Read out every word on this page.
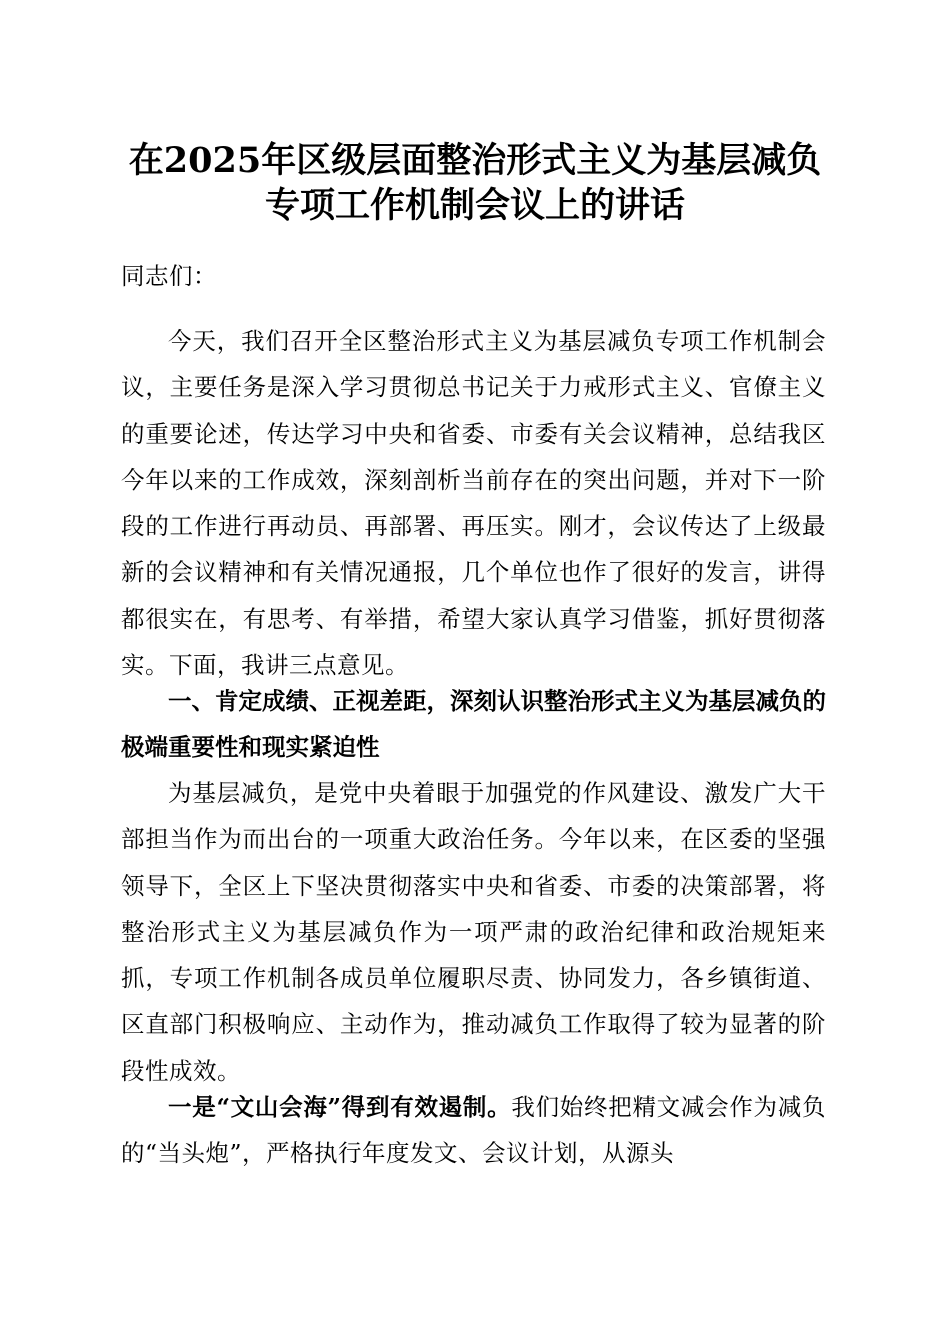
在2025年区级层面整治形式主义为基层减负
专项工作机制会议上的讲话
同志们：
今天，我们召开全区整治形式主义为基层减负专项工作机制会议，主要任务是深入学习贯彻总书记关于力戒形式主义、官僚主义的重要论述，传达学习中央和省委、市委有关会议精神，总结我区今年以来的工作成效，深刻剖析当前存在的突出问题，并对下一阶段的工作进行再动员、再部署、再压实。刚才，会议传达了上级最新的会议精神和有关情况通报，几个单位也作了很好的发言，讲得都很实在，有思考、有举措，希望大家认真学习借鉴，抓好贯彻落实。下面，我讲三点意见。
一、肯定成绩、正视差距，深刻认识整治形式主义为基层减负的极端重要性和现实紧迫性
为基层减负，是党中央着眼于加强党的作风建设、激发广大干部担当作为而出台的一项重大政治任务。今年以来，在区委的坚强领导下，全区上下坚决贯彻落实中央和省委、市委的决策部署，将整治形式主义为基层减负作为一项严肃的政治纪律和政治规矩来抓，专项工作机制各成员单位履职尽责、协同发力，各乡镇街道、区直部门积极响应、主动作为，推动减负工作取得了较为显著的阶段性成效。
一是“文山会海”得到有效遏制。我们始终把精文减会作为减负的“当头炮”，严格执行年度发文、会议计划，从源头
